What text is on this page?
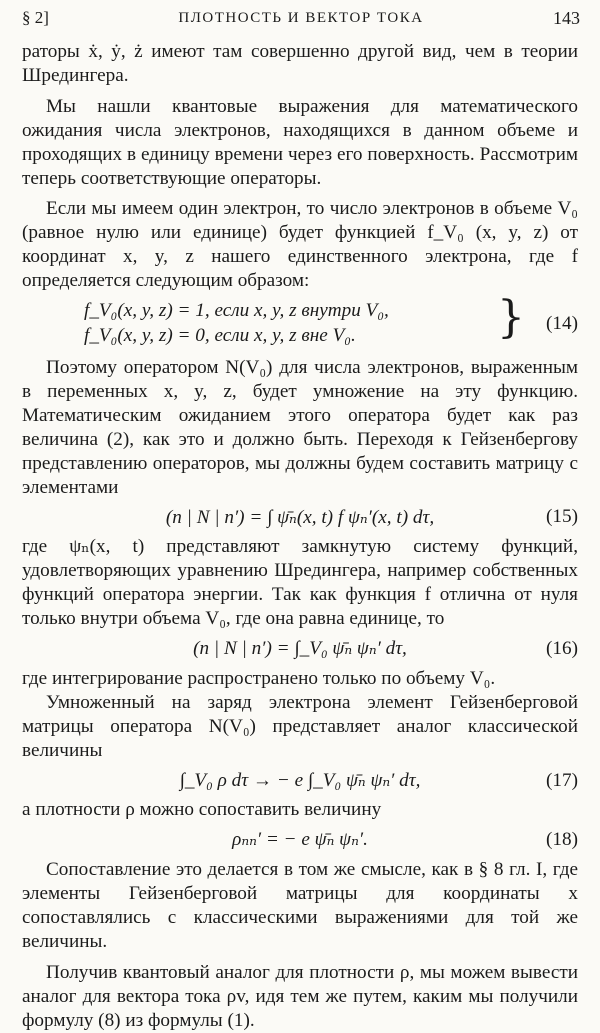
§ 2]	ПЛОТНОСТЬ И ВЕКТОР ТОКА	143

раторы ẋ, ẏ, ż имеют там совершенно другой вид, чем в теории Шредингера.

Мы нашли квантовые выражения для математического ожидания числа электронов, находящихся в данном объеме и проходящих в единицу времени через его поверхность. Рассмотрим теперь соответствующие операторы.

Если мы имеем один электрон, то число электронов в объеме V₀ (равное нулю или единице) будет функцией f_V₀ (x, y, z) от координат x, y, z нашего единственного электрона, где f определяется следующим образом:

f_V₀(x, y, z) = 1, если x, y, z внутри V₀,
f_V₀(x, y, z) = 0, если x, y, z вне V₀.	} (14)

Поэтому оператором N(V₀) для числа электронов, выраженным в переменных x, y, z, будет умножение на эту функцию. Математическим ожиданием этого оператора будет как раз величина (2), как это и должно быть. Переходя к Гейзенбергову представлению операторов, мы должны будем составить матрицу с элементами

(n | N | n′) = ∫ ψ̄ₙ(x, t) f ψₙ′(x, t) dτ,	(15)

где ψₙ(x, t) представляют замкнутую систему функций, удовлетворяющих уравнению Шредингера, например собственных функций оператора энергии. Так как функция f отлична от нуля только внутри объема V₀, где она равна единице, то

(n | N | n′) = ∫_V₀ ψ̄ₙ ψₙ′ dτ,	(16)

где интегрирование распространено только по объему V₀.

Умноженный на заряд электрона элемент Гейзенберговой матрицы оператора N(V₀) представляет аналог классической величины

∫_V₀ ρ dτ → − e ∫_V₀ ψ̄ₙ ψₙ′ dτ,	(17)

а плотности ρ можно сопоставить величину

ρₙₙ′ = − e ψ̄ₙ ψₙ′.	(18)

Сопоставление это делается в том же смысле, как в § 8 гл. I, где элементы Гейзенберговой матрицы для координаты x сопоставлялись с классическими выражениями для той же величины.

Получив квантовый аналог для плотности ρ, мы можем вывести аналог для вектора тока ρv, идя тем же путем, каким мы получили формулу (8) из формулы (1).
